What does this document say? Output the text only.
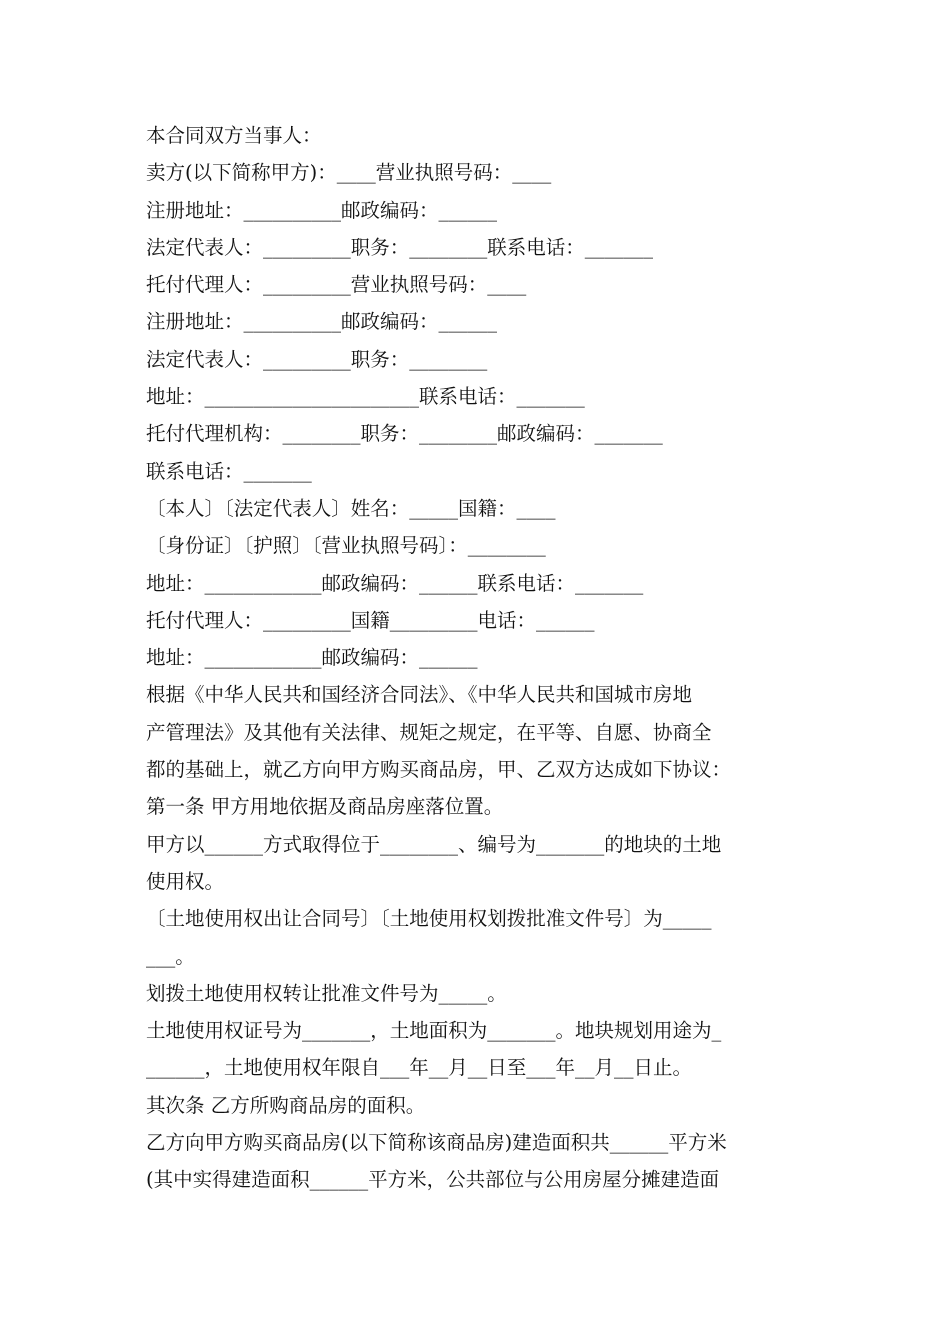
本合同双方当事人：
卖方(以下简称甲方)：____营业执照号码：____
注册地址：__________邮政编码：______
法定代表人：_________职务：________联系电话：_______
托付代理人：_________营业执照号码：____
注册地址：__________邮政编码：______
法定代表人：_________职务：________
地址：______________________联系电话：_______
托付代理机构：________职务：________邮政编码：_______
联系电话：_______
〔本人〕〔法定代表人〕姓名：_____国籍：____
〔身份证〕〔护照〕〔营业执照号码〕：________
地址：____________邮政编码：______联系电话：_______
托付代理人：_________国籍_________电话：______
地址：____________邮政编码：______
根据《中华人民共和国经济合同法》、《中华人民共和国城市房地
产管理法》及其他有关法律、规矩之规定，在平等、自愿、协商全
都的基础上，就乙方向甲方购买商品房，甲、乙双方达成如下协议：
第一条 甲方用地依据及商品房座落位置。
甲方以______方式取得位于________、编号为_______的地块的土地
使用权。
〔土地使用权出让合同号〕〔土地使用权划拨批准文件号〕为_____
___。
划拨土地使用权转让批准文件号为_____。
土地使用权证号为_______，土地面积为_______。地块规划用途为_
______，土地使用权年限自___年__月__日至___年__月__日止。
其次条 乙方所购商品房的面积。
乙方向甲方购买商品房(以下简称该商品房)建造面积共______平方米
(其中实得建造面积______平方米，公共部位与公用房屋分摊建造面
